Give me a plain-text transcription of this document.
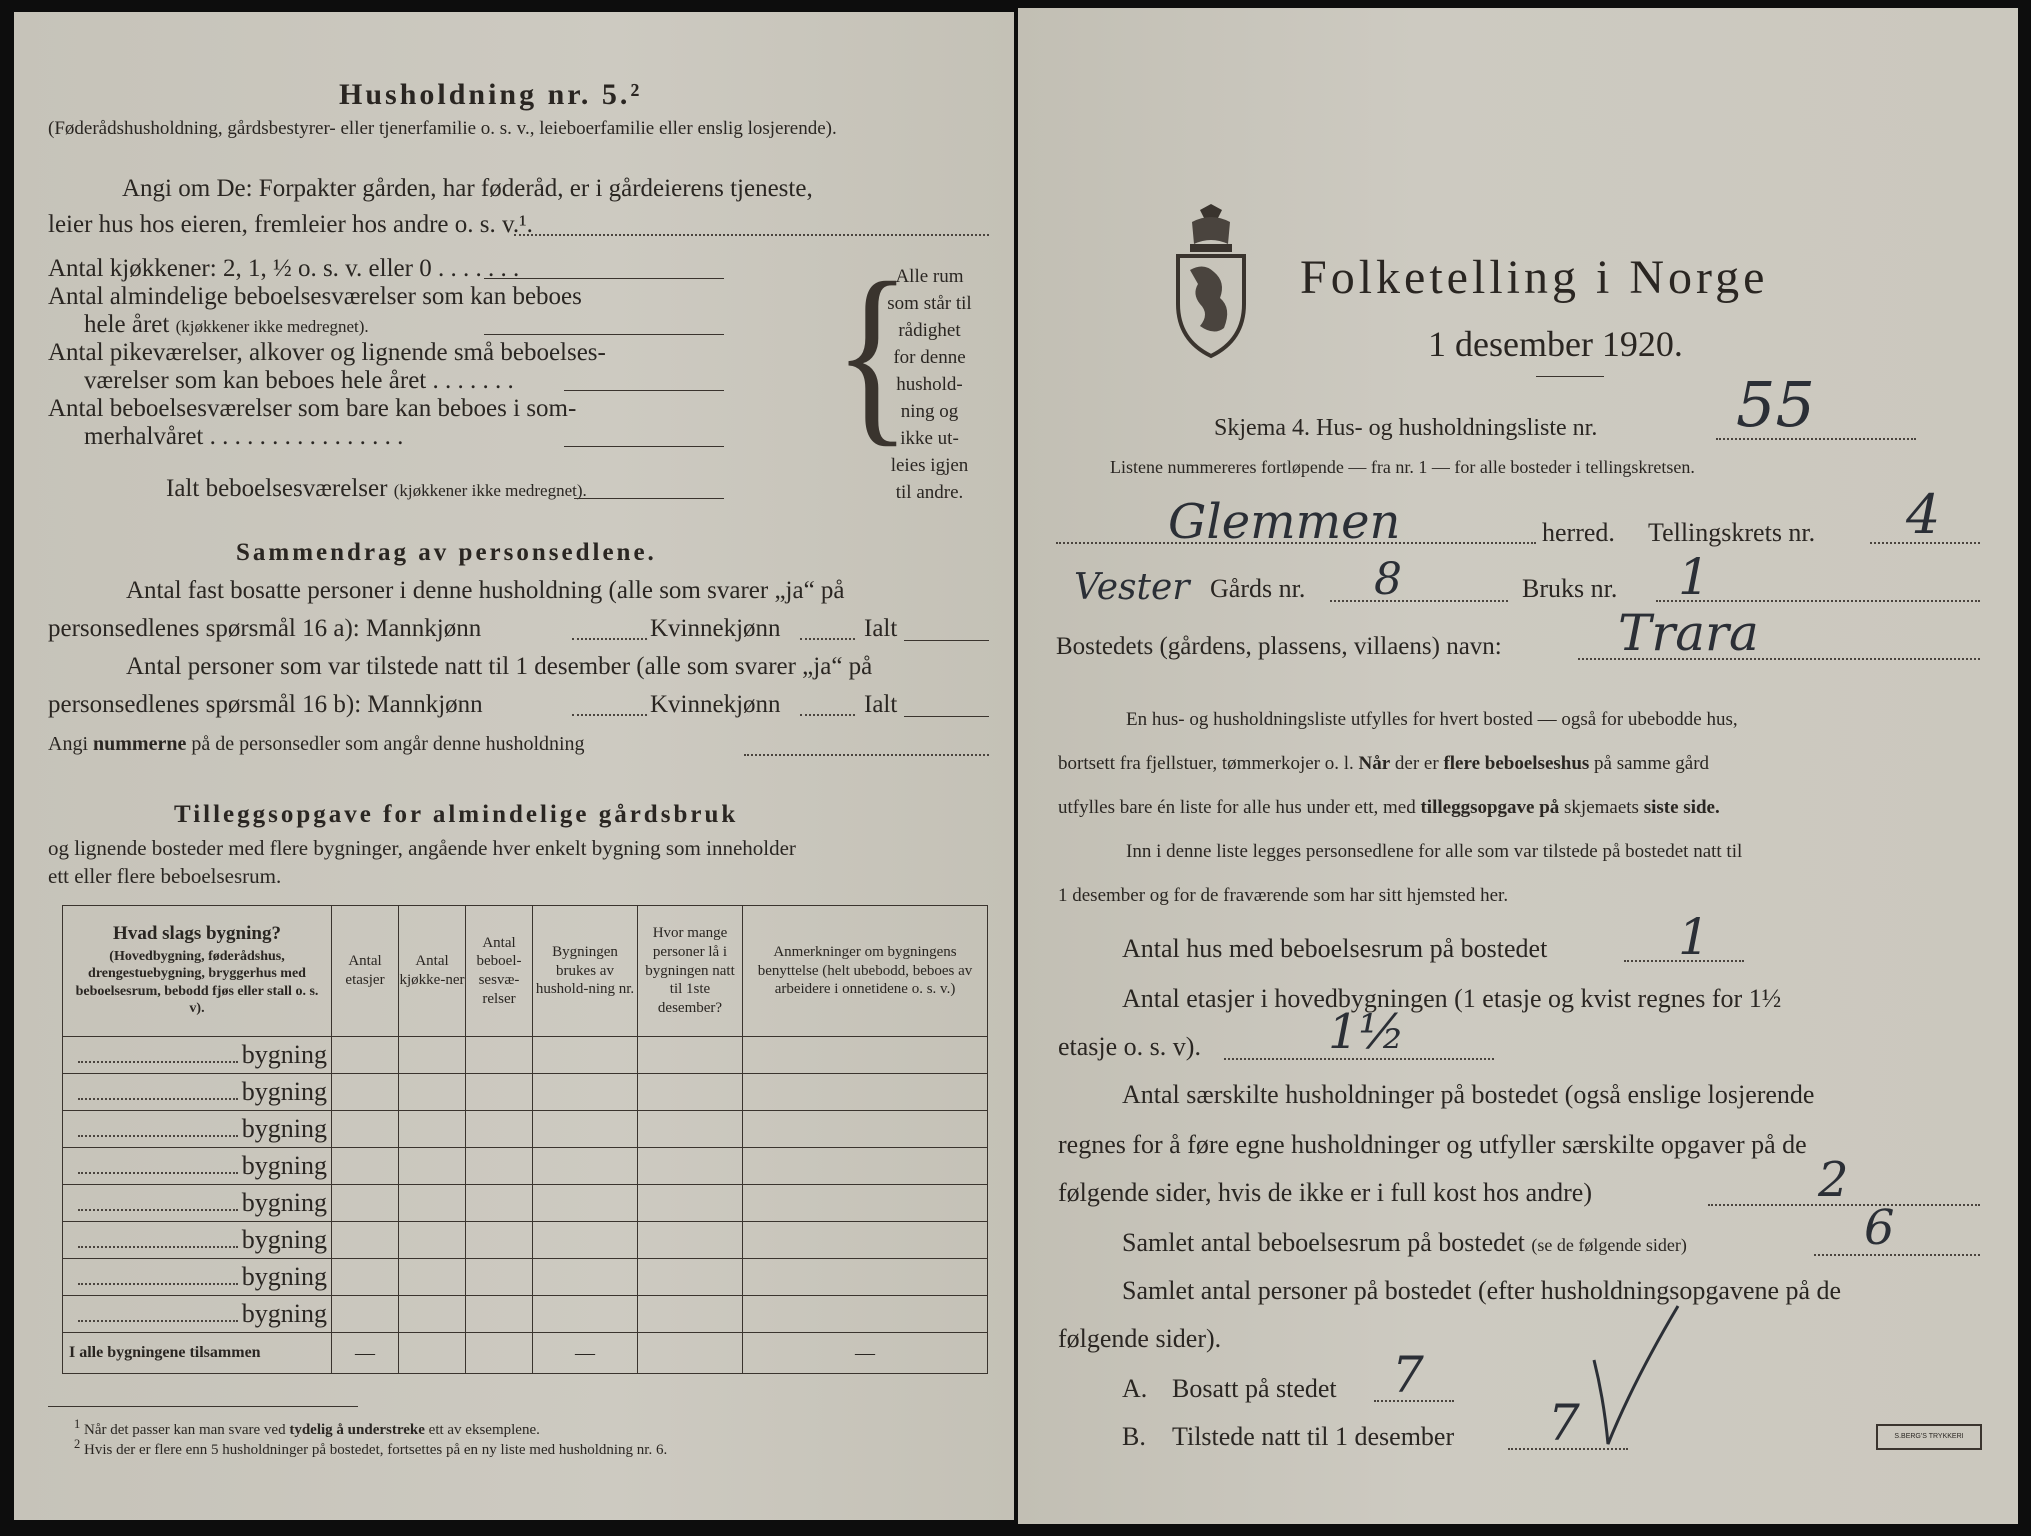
Husholdning nr. 5.²
(Føderådshusholdning, gårdsbestyrer- eller tjenerfamilie o. s. v., leieboerfamilie eller enslig losjerende).
Angi om De: Forpakter gården, har føderåd, er i gårdeierens tjeneste,
leier hus hos eieren, fremleier hos andre o. s. v.¹.
Antal kjøkkener: 2, 1, ½ o. s. v. eller 0 . . . . . . .
Antal almindelige beboelsesværelser som kan beboes
hele året (kjøkkener ikke medregnet).
Antal pikeværelser, alkover og lignende små beboelses-
værelser som kan beboes hele året . . . . . . .
Antal beboelsesværelser som bare kan beboes i som-
merhalvåret . . . . . . . . . . . . . . . .
Ialt beboelsesværelser (kjøkkener ikke medregnet).
{
Alle rum
som står til
rådighet
for denne
hushold-
ning og
ikke ut-
leies igjen
til andre.
Sammendrag av personsedlene.
Antal fast bosatte personer i denne husholdning (alle som svarer „ja“ på
personsedlenes spørsmål 16 a): Mannkjønn	Kvinnekjønn	Ialt
Antal personer som var tilstede natt til 1 desember (alle som svarer „ja“ på
personsedlenes spørsmål 16 b): Mannkjønn	Kvinnekjønn	Ialt
Angi nummerne på de personsedler som angår denne husholdning
Tilleggsopgave for almindelige gårdsbruk
og lignende bosteder med flere bygninger, angående hver enkelt bygning som inneholder
ett eller flere beboelsesrum.
Hvad slags bygning?
(Hovedbygning, føderådshus, drengestuebygning, bryggerhus med beboelsesrum, bebodd fjøs eller stall o. s. v).	Antal etasjer	Antal kjøkke-ner	Antal beboel-sesvæ-relser	Bygningen brukes av hushold-ning nr.	Hvor mange personer lå i bygningen natt til 1ste desember?	Anmerkninger om bygningens benyttelse (helt ubebodd, beboes av arbeidere i onnetidene o. s. v.)
bygning						
bygning						
bygning						
bygning						
bygning						
bygning						
bygning						
bygning						
I alle bygningene tilsammen	—			—		—
$^1$ Når det passer kan man svare ved tydelig å understreke ett av eksemplene.
$^2$ Hvis der er flere enn 5 husholdninger på bostedet, fortsettes på en ny liste med husholdning nr. 6.
Folketelling i Norge
1 desember 1920.
Skjema 4. Hus- og husholdningsliste nr. 55
Listene nummereres fortløpende — fra nr. 1 — for alle bosteder i tellingskretsen.
Glemmen	herred. Tellingskrets nr. 4
Vester Gårds nr. 8	Bruks nr. 1
Bostedets (gårdens, plassens, villaens) navn: Trara
En hus- og husholdningsliste utfylles for hvert bosted — også for ubebodde hus,
bortsett fra fjellstuer, tømmerkojer o. l. Når der er flere beboelseshus på samme gård
utfylles bare én liste for alle hus under ett, med tilleggsopgave på skjemaets siste side.
Inn i denne liste legges personsedlene for alle som var tilstede på bostedet natt til
1 desember og for de fraværende som har sitt hjemsted her.
Antal hus med beboelsesrum på bostedet	1
Antal etasjer i hovedbygningen (1 etasje og kvist regnes for 1½
etasje o. s. v).	1½
Antal særskilte husholdninger på bostedet (også enslige losjerende
regnes for å føre egne husholdninger og utfyller særskilte opgaver på de
følgende sider, hvis de ikke er i full kost hos andre)	2
Samlet antal beboelsesrum på bostedet (se de følgende sider)	6
Samlet antal personer på bostedet (efter husholdningsopgavene på de
følgende sider).
A. Bosatt på stedet 7
B. Tilstede natt til 1 desember 7	S.BERG'S TRYKKERI
